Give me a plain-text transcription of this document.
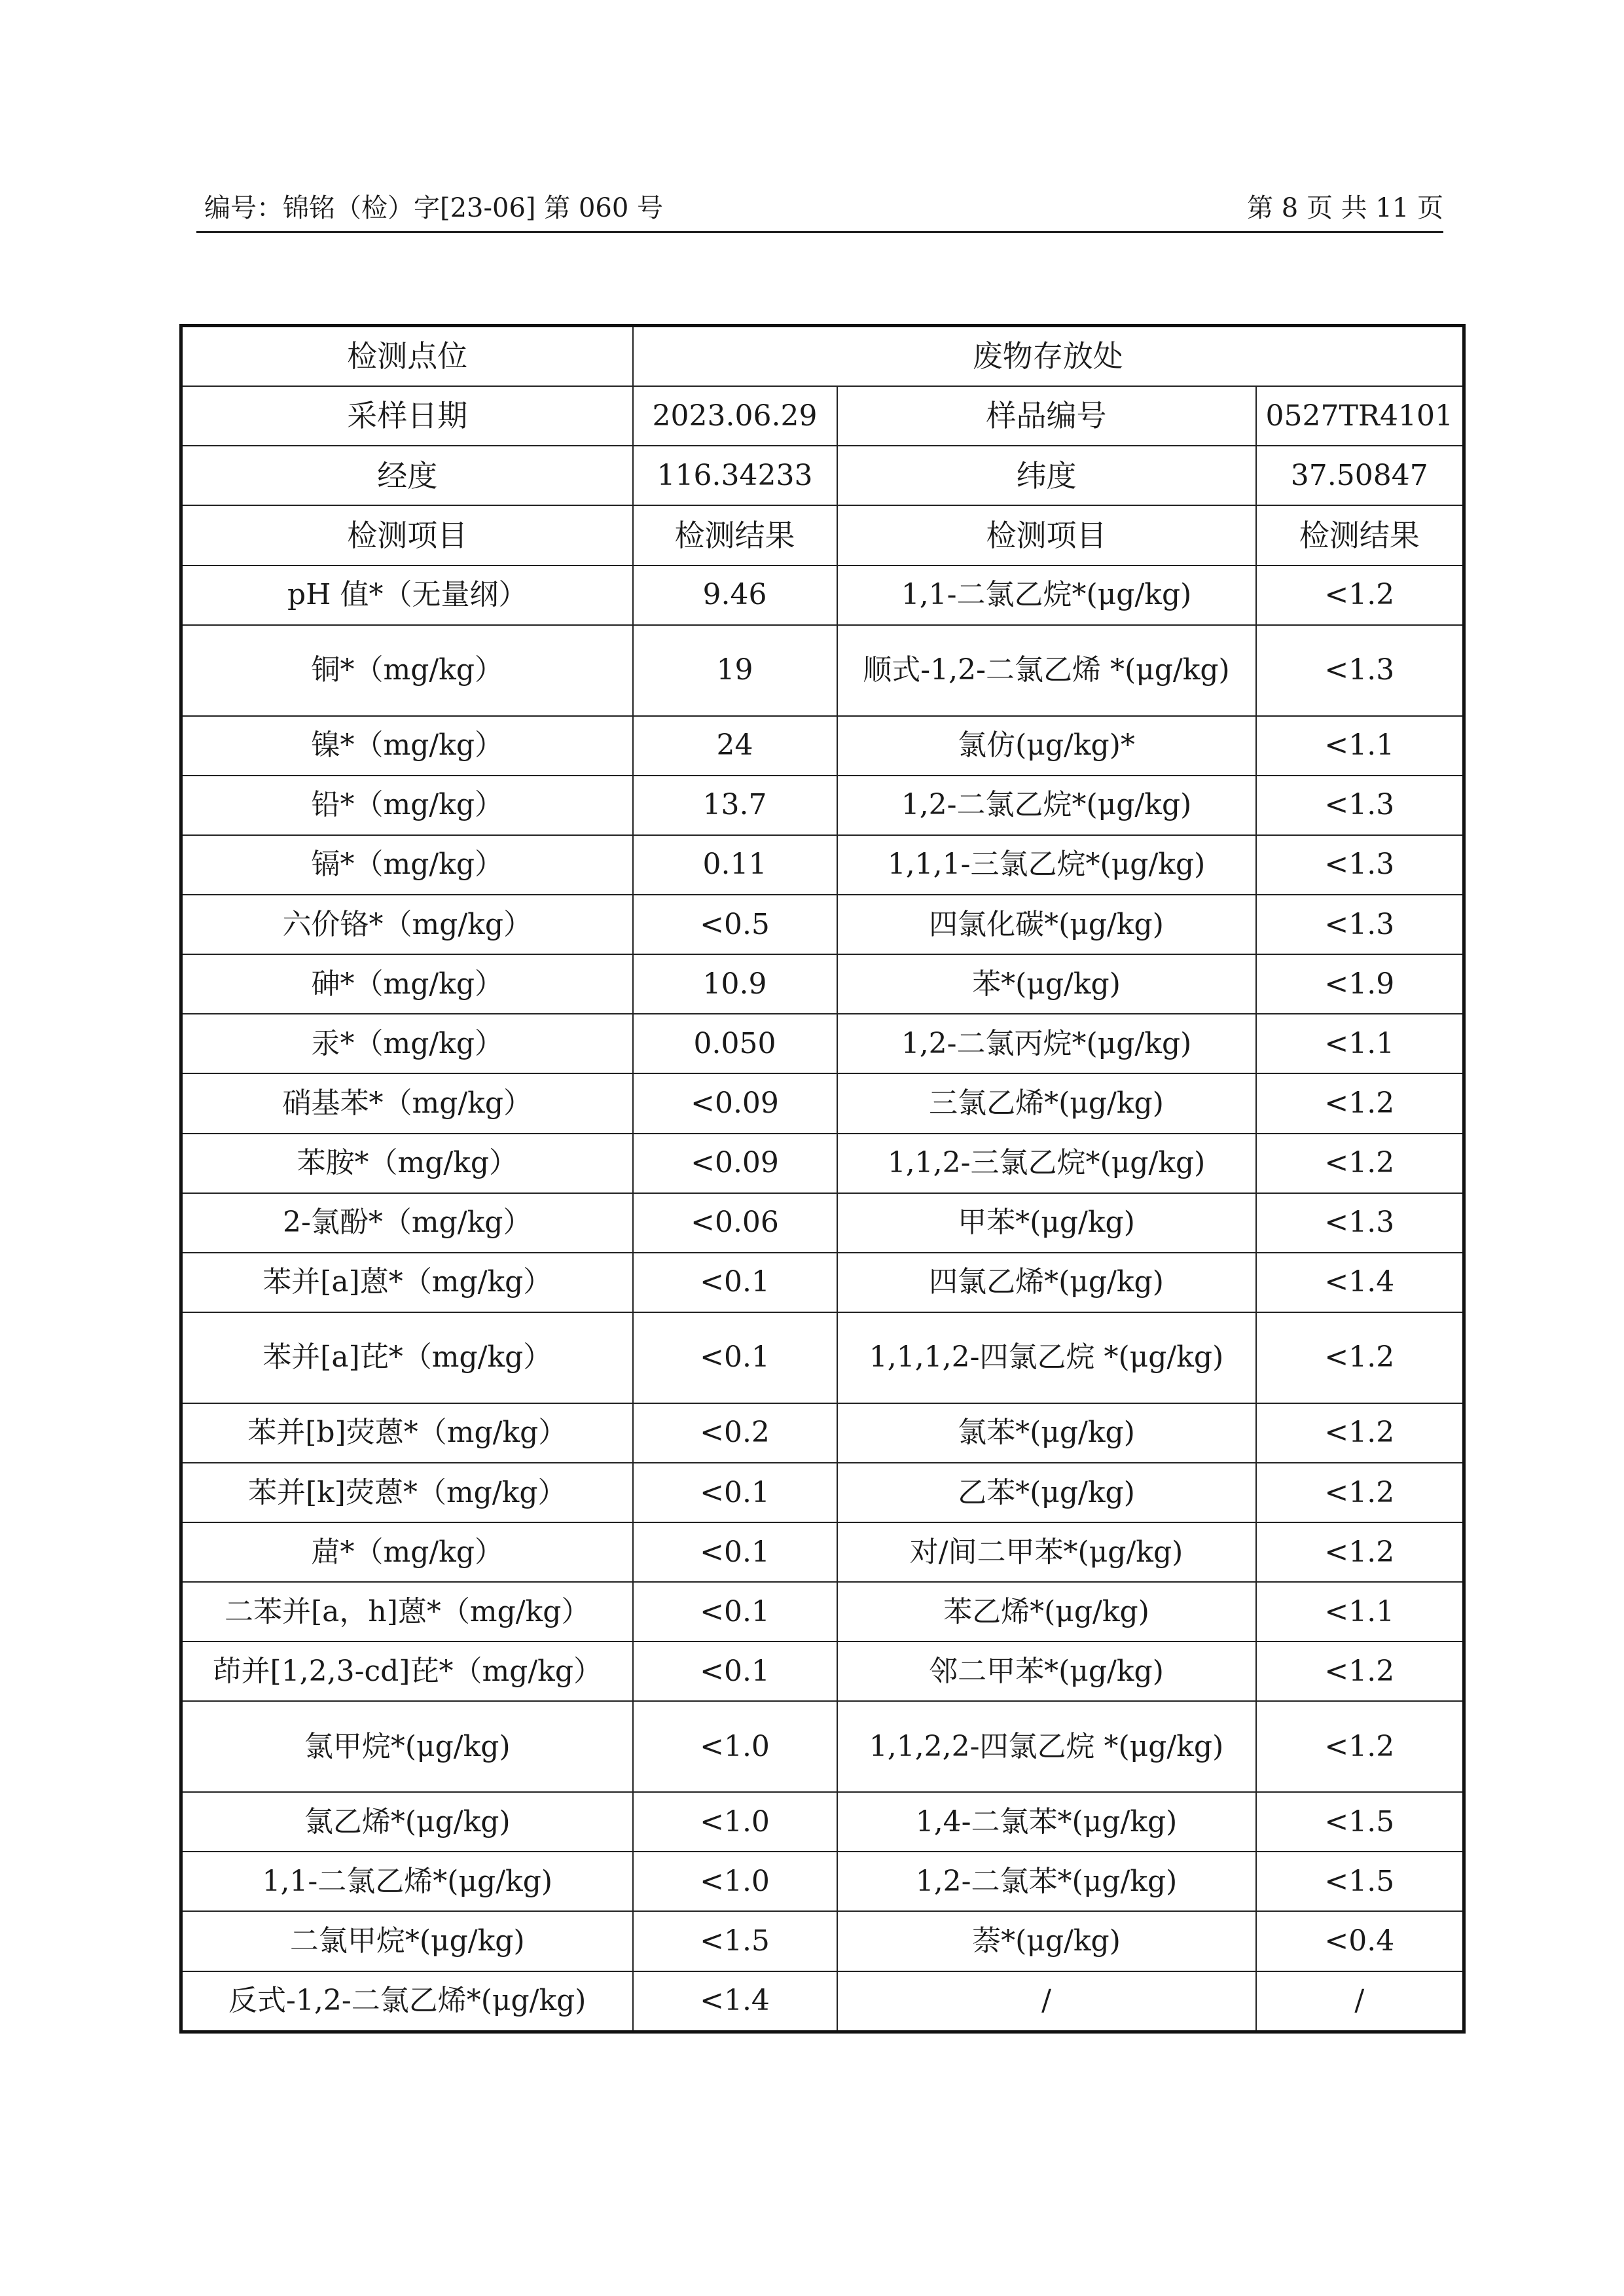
编号：锦铭（检）字[23-06] 第 060 号	第 8 页 共 11 页
检测点位	废物存放处		
采样日期	2023.06.29	样品编号	0527TR4101
经度	116.34233	纬度	37.50847
检测项目	检测结果	检测项目	检测结果
pH 值*（无量纲）	9.46	1,1-二氯乙烷*(μg/kg)	<1.2
铜*（mg/kg）	19	顺式-1,2-二氯乙烯 *(μg/kg)	<1.3
镍*（mg/kg）	24	氯仿(μg/kg)*	<1.1
铅*（mg/kg）	13.7	1,2-二氯乙烷*(μg/kg)	<1.3
镉*（mg/kg）	0.11	1,1,1-三氯乙烷*(μg/kg)	<1.3
六价铬*（mg/kg）	<0.5	四氯化碳*(μg/kg)	<1.3
砷*（mg/kg）	10.9	苯*(μg/kg)	<1.9
汞*（mg/kg）	0.050	1,2-二氯丙烷*(μg/kg)	<1.1
硝基苯*（mg/kg）	<0.09	三氯乙烯*(μg/kg)	<1.2
苯胺*（mg/kg）	<0.09	1,1,2-三氯乙烷*(μg/kg)	<1.2
2-氯酚*（mg/kg）	<0.06	甲苯*(μg/kg)	<1.3
苯并[a]蒽*（mg/kg）	<0.1	四氯乙烯*(μg/kg)	<1.4
苯并[a]芘*（mg/kg）	<0.1	1,1,1,2-四氯乙烷 *(μg/kg)	<1.2
苯并[b]荧蒽*（mg/kg）	<0.2	氯苯*(μg/kg)	<1.2
苯并[k]荧蒽*（mg/kg）	<0.1	乙苯*(μg/kg)	<1.2
䓛*（mg/kg）	<0.1	对/间二甲苯*(μg/kg)	<1.2
二苯并[a，h]蒽*（mg/kg）	<0.1	苯乙烯*(μg/kg)	<1.1
茚并[1,2,3-cd]芘*（mg/kg）	<0.1	邻二甲苯*(μg/kg)	<1.2
氯甲烷*(μg/kg)	<1.0	1,1,2,2-四氯乙烷 *(μg/kg)	<1.2
氯乙烯*(μg/kg)	<1.0	1,4-二氯苯*(μg/kg)	<1.5
1,1-二氯乙烯*(μg/kg)	<1.0	1,2-二氯苯*(μg/kg)	<1.5
二氯甲烷*(μg/kg)	<1.5	萘*(μg/kg)	<0.4
反式-1,2-二氯乙烯*(μg/kg)	<1.4	/	/
